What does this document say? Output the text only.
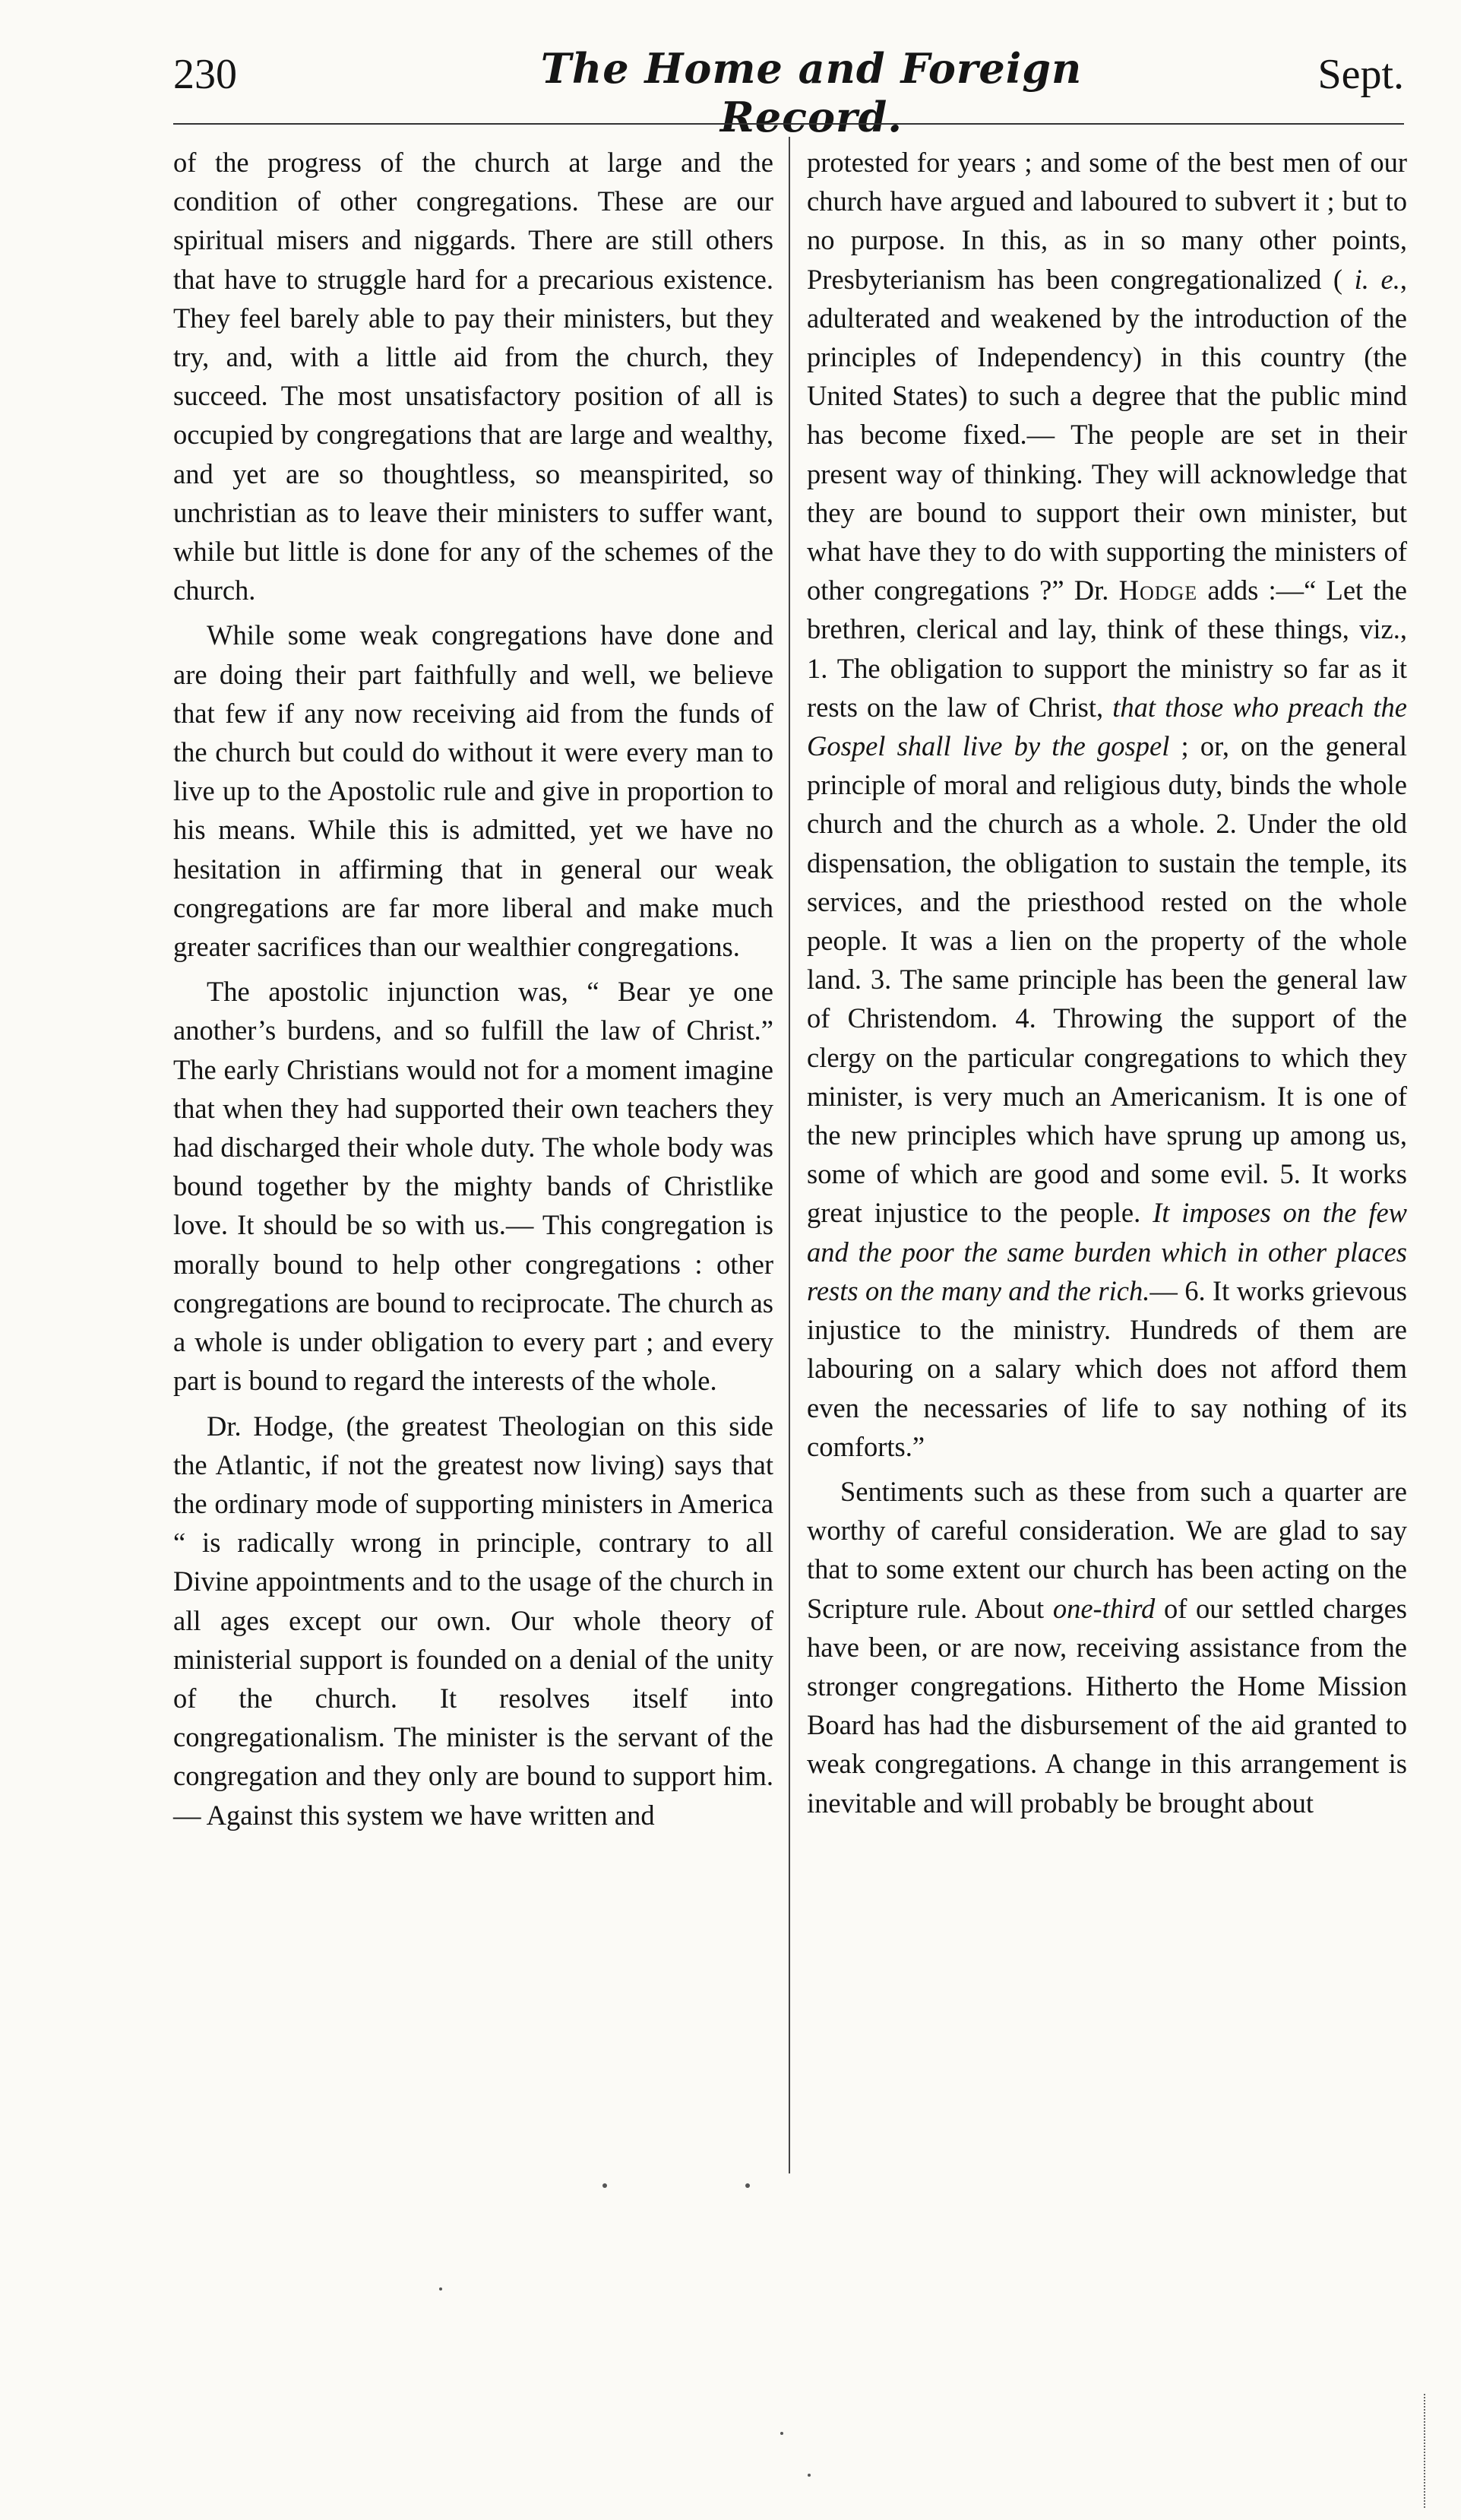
230	The Home and Foreign Record.
Sept.

of the progress of the church at large and the condition of other congregations. These are our spiritual misers and niggards. There are still others that have to struggle hard for a precarious existence. They feel barely able to pay their ministers, but they try, and, with a little aid from the church, they succeed. The most unsatisfactory position of all is occupied by congregations that are large and wealthy, and yet are so thoughtless, so meanspirited, so unchristian as to leave their ministers to suffer want, while but little is done for any of the schemes of the church.

While some weak congregations have done and are doing their part faithfully and well, we believe that few if any now receiving aid from the funds of the church but could do without it were every man to live up to the Apostolic rule and give in proportion to his means. While this is admitted, yet we have no hesitation in affirming that in general our weak congregations are far more liberal and make much greater sacrifices than our wealthier congregations.

The apostolic injunction was, “ Bear ye one another’s burdens, and so fulfill the law of Christ.” The early Christians would not for a moment imagine that when they had supported their own teachers they had discharged their whole duty. The whole body was bound together by the mighty bands of Christlike love. It should be so with us.— This congregation is morally bound to help other congregations : other congregations are bound to reciprocate. The church as a whole is under obligation to every part ; and every part is bound to regard the interests of the whole.

Dr. Hodge, (the greatest Theologian on this side the Atlantic, if not the greatest now living) says that the ordinary mode of supporting ministers in America “ is radically wrong in principle, contrary to all Divine appointments and to the usage of the church in all ages except our own. Our whole theory of ministerial support is founded on a denial of the unity of the church. It resolves itself into congregationalism. The minister is the servant of the congregation and they only are bound to support him.— Against this system we have written and

protested for years ; and some of the best men of our church have argued and laboured to subvert it ; but to no purpose. In this, as in so many other points, Presbyterianism has been congregationalized ( i. e., adulterated and weakened by the introduction of the principles of Independency) in this country (the United States) to such a degree that the public mind has become fixed.— The people are set in their present way of thinking. They will acknowledge that they are bound to support their own minister, but what have they to do with supporting the ministers of other congregations ?” Dr. Hodge adds :—“ Let the brethren, clerical and lay, think of these things, viz., 1. The obligation to support the ministry so far as it rests on the law of Christ, that those who preach the Gospel shall live by the gospel ; or, on the general principle of moral and religious duty, binds the whole church and the church as a whole. 2. Under the old dispensation, the obligation to sustain the temple, its services, and the priesthood rested on the whole people. It was a lien on the property of the whole land. 3. The same principle has been the general law of Christendom. 4. Throwing the support of the clergy on the particular congregations to which they minister, is very much an Americanism. It is one of the new principles which have sprung up among us, some of which are good and some evil. 5. It works great injustice to the people. It imposes on the few and the poor the same burden which in other places rests on the many and the rich.— 6. It works grievous injustice to the ministry. Hundreds of them are labouring on a salary which does not afford them even the necessaries of life to say nothing of its comforts.”

Sentiments such as these from such a quarter are worthy of careful consideration. We are glad to say that to some extent our church has been acting on the Scripture rule. About one-third of our settled charges have been, or are now, receiving assistance from the stronger congregations. Hitherto the Home Mission Board has had the disbursement of the aid granted to weak congregations. A change in this arrangement is inevitable and will probably be brought about
